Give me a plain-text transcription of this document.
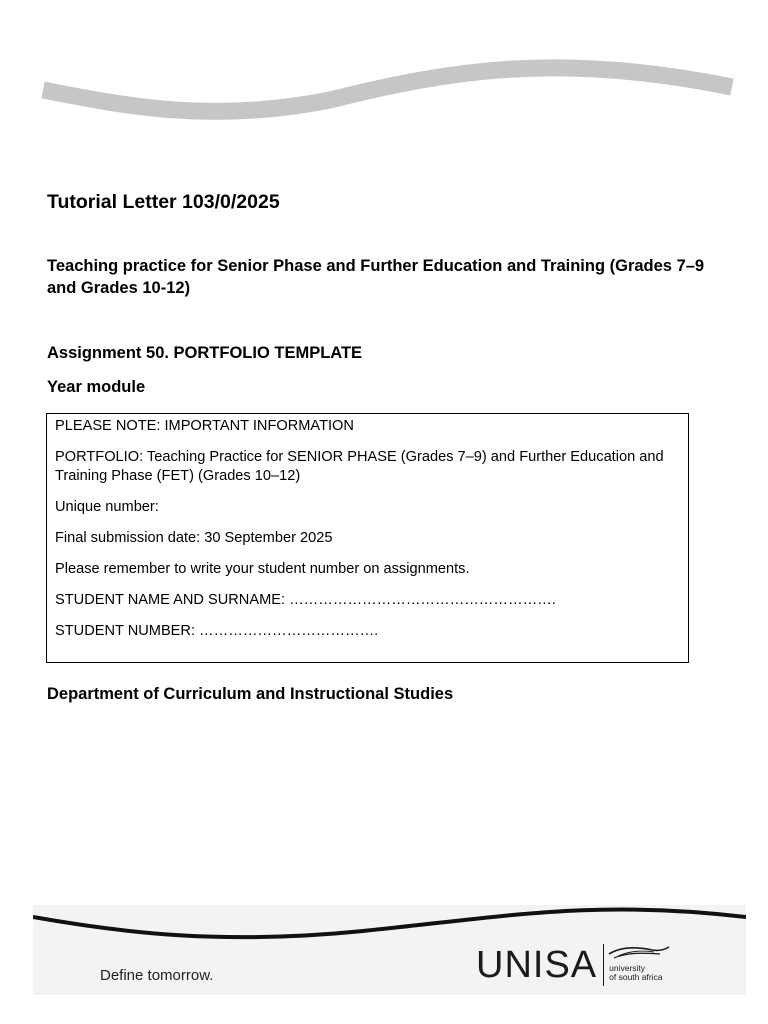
Tutorial Letter 103/0/2025
Teaching practice for Senior Phase and Further Education and Training (Grades 7–9 and Grades 10-12)
Assignment 50. PORTFOLIO TEMPLATE
Year module

PLEASE NOTE: IMPORTANT INFORMATION

PORTFOLIO: Teaching Practice for SENIOR PHASE (Grades 7–9) and Further Education and Training Phase (FET) (Grades 10–12)

Unique number:

Final submission date: 30 September 2025

Please remember to write your student number on assignments.

STUDENT NAME AND SURNAME: ……………………………………………….

STUDENT NUMBER: ……………………………….

Department of Curriculum and Instructional Studies
Define tomorrow.	UNISA university
of south africa
